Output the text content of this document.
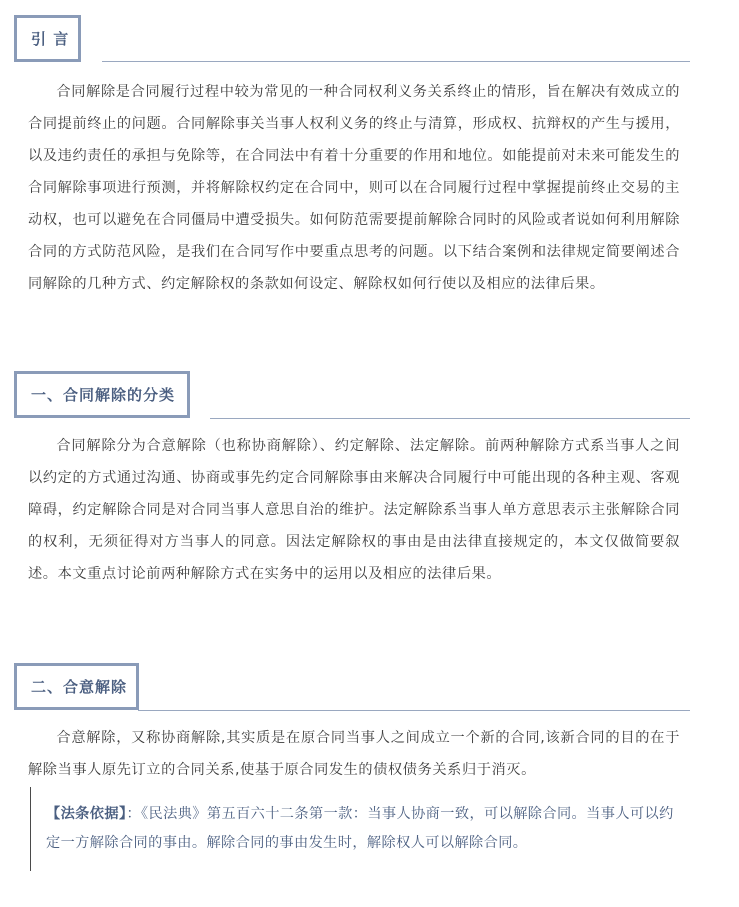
引 言

合同解除是合同履行过程中较为常见的一种合同权利义务关系终止的情形，旨在解决有效成立的合同提前终止的问题。合同解除事关当事人权利义务的终止与清算，形成权、抗辩权的产生与援用，以及违约责任的承担与免除等，在合同法中有着十分重要的作用和地位。如能提前对未来可能发生的合同解除事项进行预测，并将解除权约定在合同中，则可以在合同履行过程中掌握提前终止交易的主动权，也可以避免在合同僵局中遭受损失。如何防范需要提前解除合同时的风险或者说如何利用解除合同的方式防范风险，是我们在合同写作中要重点思考的问题。以下结合案例和法律规定简要阐述合同解除的几种方式、约定解除权的条款如何设定、解除权如何行使以及相应的法律后果。

一、合同解除的分类

合同解除分为合意解除（也称协商解除）、约定解除、法定解除。前两种解除方式系当事人之间以约定的方式通过沟通、协商或事先约定合同解除事由来解决合同履行中可能出现的各种主观、客观障碍，约定解除合同是对合同当事人意思自治的维护。法定解除系当事人单方意思表示主张解除合同的权利，无须征得对方当事人的同意。因法定解除权的事由是由法律直接规定的，本文仅做简要叙述。本文重点讨论前两种解除方式在实务中的运用以及相应的法律后果。

二、合意解除

合意解除，又称协商解除,其实质是在原合同当事人之间成立一个新的合同,该新合同的目的在于解除当事人原先订立的合同关系,使基于原合同发生的债权债务关系归于消灭。

【法条依据】：《民法典》第五百六十二条第一款：当事人协商一致，可以解除合同。当事人可以约定一方解除合同的事由。解除合同的事由发生时，解除权人可以解除合同。
